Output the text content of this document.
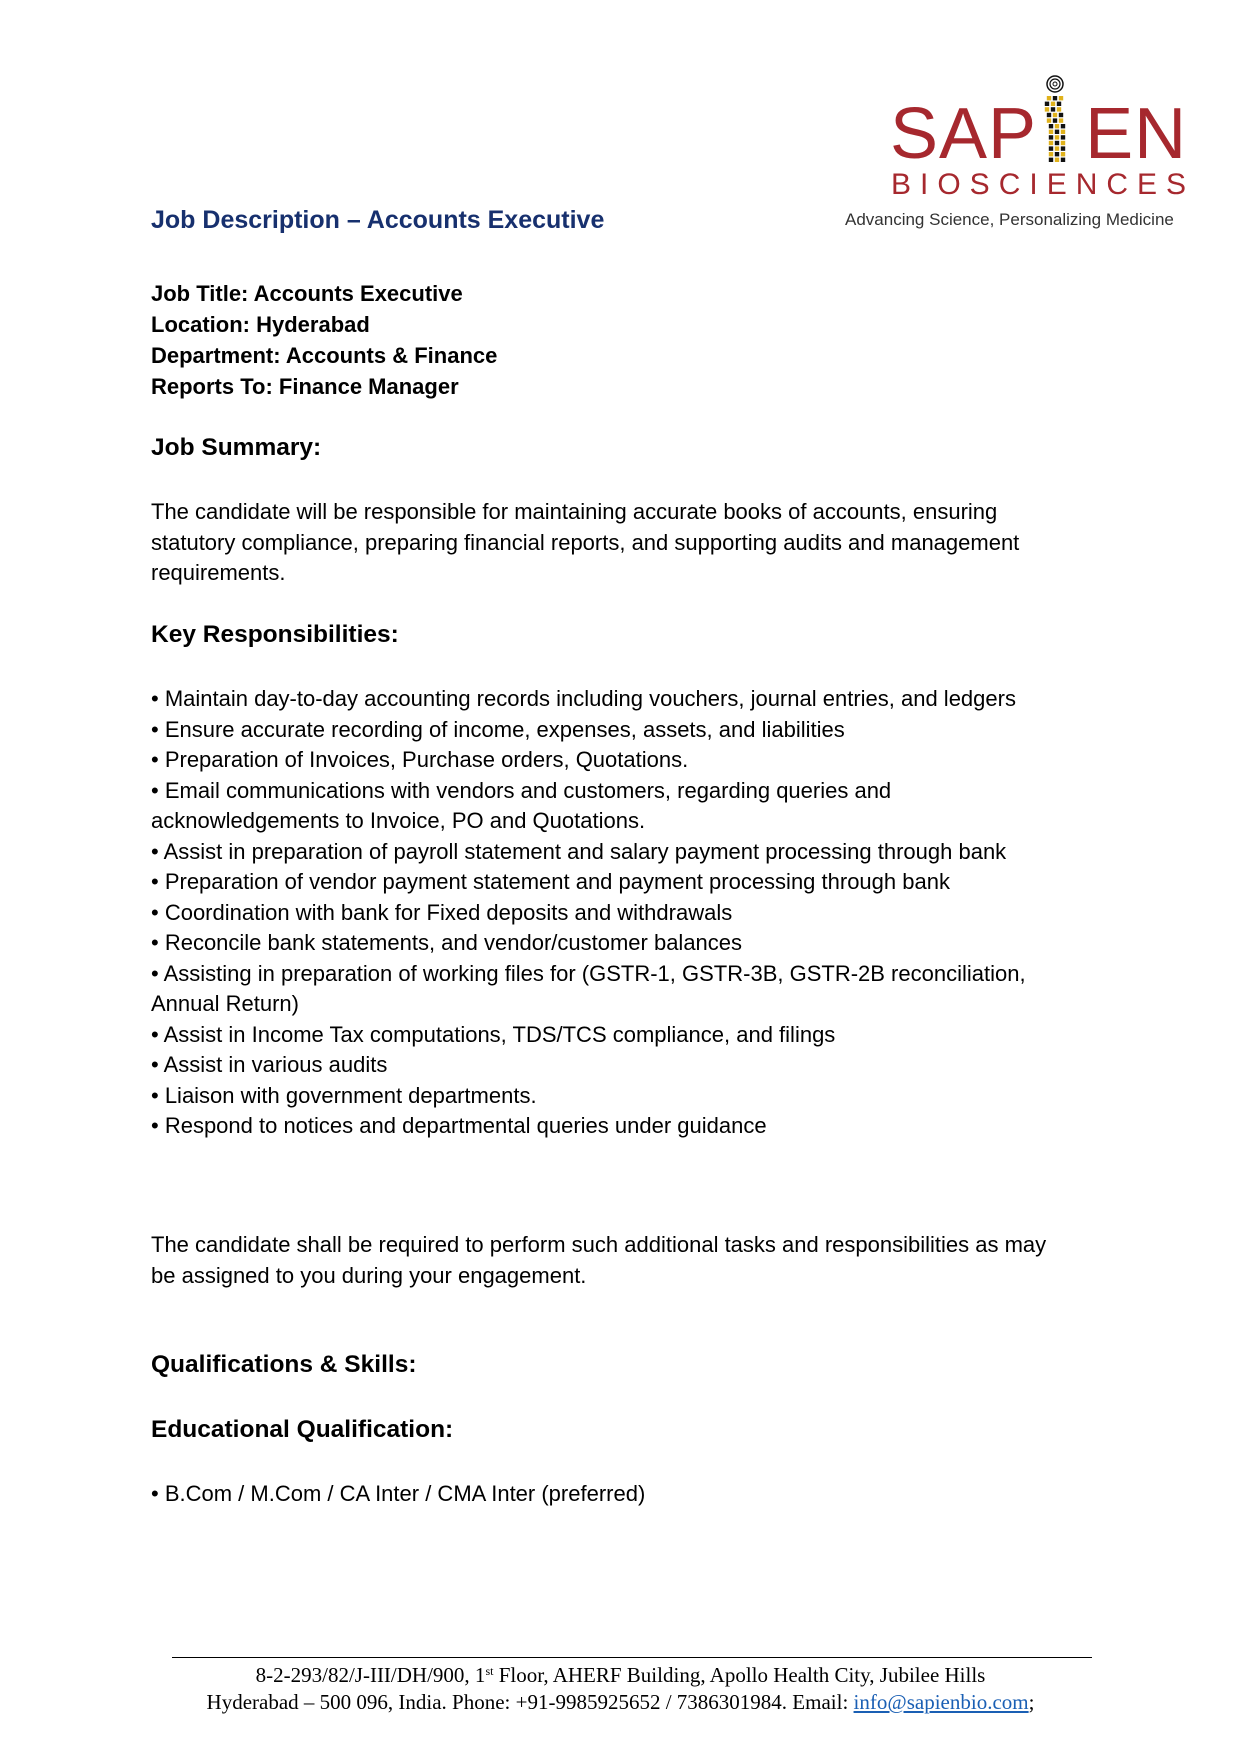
SAP EN
BIOSCIENCES
Advancing Science, Personalizing Medicine
Job Description – Accounts Executive
Job Title: Accounts Executive
Location: Hyderabad
Department: Accounts & Finance
Reports To: Finance Manager
Job Summary:
The candidate will be responsible for maintaining accurate books of accounts, ensuring statutory compliance, preparing financial reports, and supporting audits and management requirements.
Key Responsibilities:
• Maintain day-to-day accounting records including vouchers, journal entries, and ledgers
• Ensure accurate recording of income, expenses, assets, and liabilities
• Preparation of Invoices, Purchase orders, Quotations.
• Email communications with vendors and customers, regarding queries and acknowledgements to Invoice, PO and Quotations.
• Assist in preparation of payroll statement and salary payment processing through bank
• Preparation of vendor payment statement and payment processing through bank
• Coordination with bank for Fixed deposits and withdrawals
• Reconcile bank statements, and vendor/customer balances
• Assisting in preparation of working files for (GSTR-1, GSTR-3B, GSTR-2B reconciliation, Annual Return)
• Assist in Income Tax computations, TDS/TCS compliance, and filings
• Assist in various audits
• Liaison with government departments.
• Respond to notices and departmental queries under guidance
The candidate shall be required to perform such additional tasks and responsibilities as may be assigned to you during your engagement.
Qualifications & Skills:
Educational Qualification:
• B.Com / M.Com / CA Inter / CMA Inter (preferred)
8-2-293/82/J-III/DH/900, 1st Floor, AHERF Building, Apollo Health City, Jubilee Hills
Hyderabad – 500 096, India. Phone: +91-9985925652 / 7386301984. Email: info@sapienbio.com;
